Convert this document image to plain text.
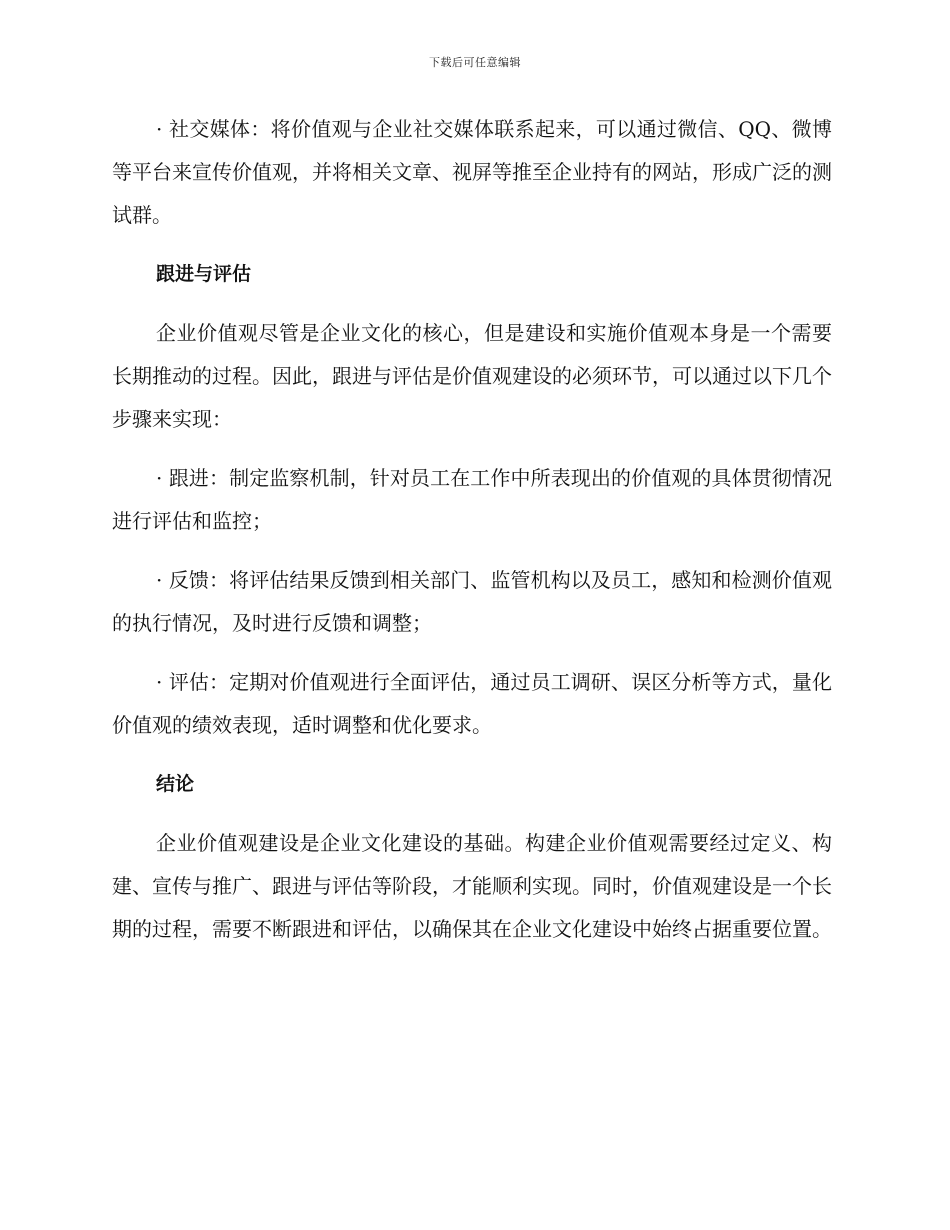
下载后可任意编辑

· 社交媒体：将价值观与企业社交媒体联系起来，可以通过微信、QQ、微博等平台来宣传价值观，并将相关文章、视屏等推至企业持有的网站，形成广泛的测试群。

跟进与评估

企业价值观尽管是企业文化的核心，但是建设和实施价值观本身是一个需要长期推动的过程。因此，跟进与评估是价值观建设的必须环节，可以通过以下几个步骤来实现：

· 跟进：制定监察机制，针对员工在工作中所表现出的价值观的具体贯彻情况进行评估和监控；

· 反馈：将评估结果反馈到相关部门、监管机构以及员工，感知和检测价值观的执行情况，及时进行反馈和调整；

· 评估：定期对价值观进行全面评估，通过员工调研、误区分析等方式，量化价值观的绩效表现，适时调整和优化要求。

结论

企业价值观建设是企业文化建设的基础。构建企业价值观需要经过定义、构建、宣传与推广、跟进与评估等阶段，才能顺利实现。同时，价值观建设是一个长期的过程，需要不断跟进和评估，以确保其在企业文化建设中始终占据重要位置。
